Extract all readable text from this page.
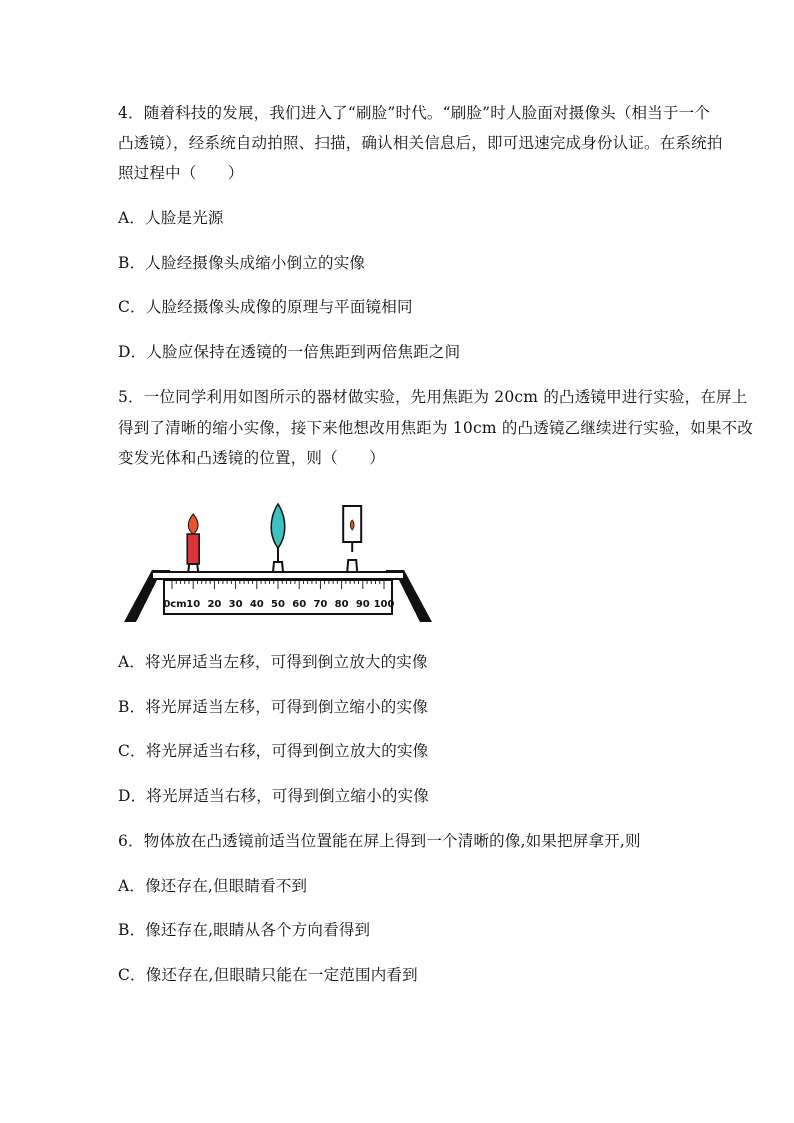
4．随着科技的发展，我们进入了“刷脸”时代。“刷脸”时人脸面对摄像头（相当于一个
凸透镜），经系统自动拍照、扫描，确认相关信息后，即可迅速完成身份认证。在系统拍
照过程中（　　）
A．人脸是光源
B．人脸经摄像头成缩小倒立的实像
C．人脸经摄像头成像的原理与平面镜相同
D．人脸应保持在透镜的一倍焦距到两倍焦距之间
5．一位同学利用如图所示的器材做实验，先用焦距为 20cm 的凸透镜甲进行实验，在屏上
得到了清晰的缩小实像，接下来他想改用焦距为 10cm 的凸透镜乙继续进行实验，如果不改
变发光体和凸透镜的位置，则（　　）
0cm 10 20 30 40 50 60 70 80 90 100
A．将光屏适当左移，可得到倒立放大的实像
B．将光屏适当左移，可得到倒立缩小的实像
C．将光屏适当右移，可得到倒立放大的实像
D．将光屏适当右移，可得到倒立缩小的实像
6．物体放在凸透镜前适当位置能在屏上得到一个清晰的像,如果把屏拿开,则
A．像还存在,但眼睛看不到
B．像还存在,眼睛从各个方向看得到
C．像还存在,但眼睛只能在一定范围内看到
